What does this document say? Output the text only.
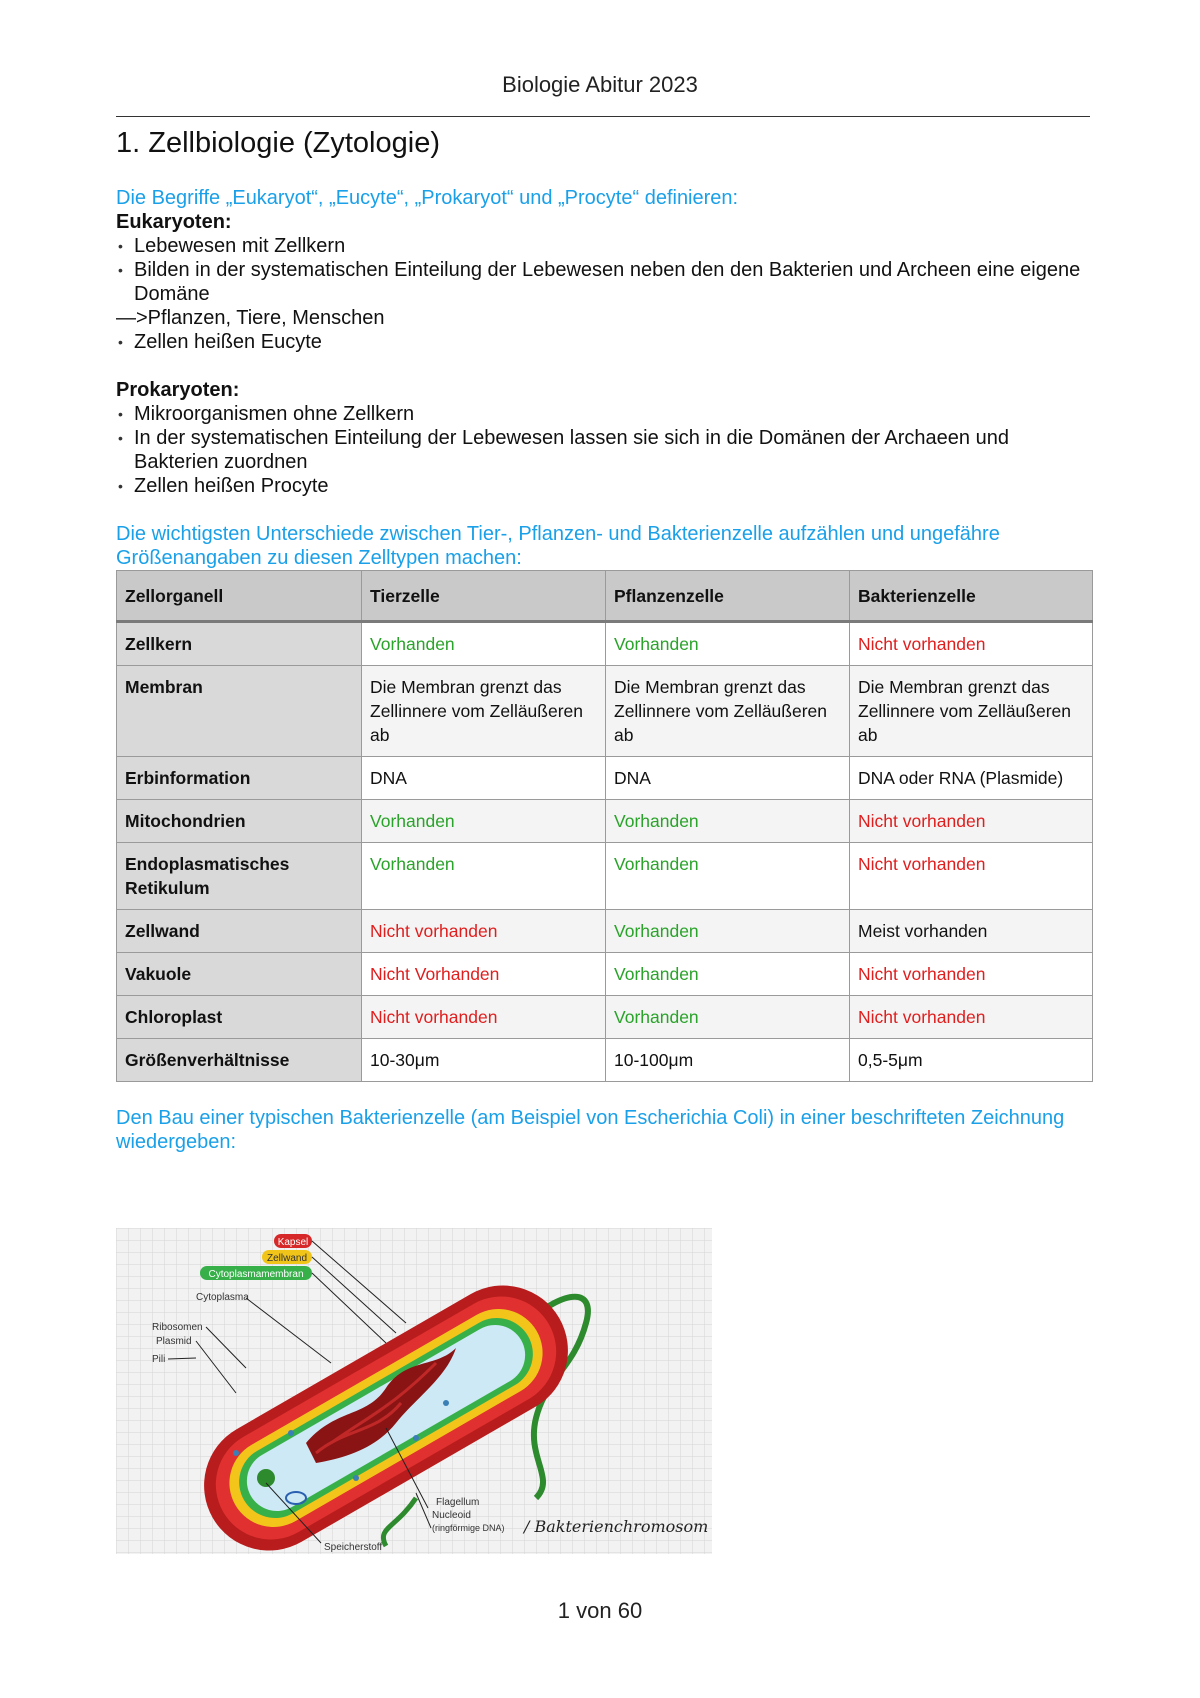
Biologie Abitur 2023
1. Zellbiologie (Zytologie)
Die Begriffe „Eukaryot“, „Eucyte“, „Prokaryot“ und „Procyte“ definieren:
Eukaryoten:
• Lebewesen mit Zellkern
• Bilden in der systematischen Einteilung der Lebewesen neben den den Bakterien und Archeen eine eigene Domäne
—>Pflanzen, Tiere, Menschen
• Zellen heißen Eucyte
Prokaryoten:
• Mikroorganismen ohne Zellkern
• In der systematischen Einteilung der Lebewesen lassen sie sich in die Domänen der Archaeen und Bakterien zuordnen
• Zellen heißen Procyte
Die wichtigsten Unterschiede zwischen Tier-, Pflanzen- und Bakterienzelle aufzählen und ungefähre Größenangaben zu diesen Zelltypen machen:
Zellorganell	Tierzelle	Pflanzenzelle	Bakterienzelle
Zellkern	Vorhanden	Vorhanden	Nicht vorhanden
Membran	Die Membran grenzt das Zellinnere vom Zelläußeren ab	Die Membran grenzt das Zellinnere vom Zelläußeren ab	Die Membran grenzt das Zellinnere vom Zelläußeren ab
Erbinformation	DNA	DNA	DNA oder RNA (Plasmide)
Mitochondrien	Vorhanden	Vorhanden	Nicht vorhanden
Endoplasmatisches Retikulum	Vorhanden	Vorhanden	Nicht vorhanden
Zellwand	Nicht vorhanden	Vorhanden	Meist vorhanden
Vakuole	Nicht Vorhanden	Vorhanden	Nicht vorhanden
Chloroplast	Nicht vorhanden	Vorhanden	Nicht vorhanden
Größenverhältnisse	10-30μm	10-100μm	0,5-5μm
Den Bau einer typischen Bakterienzelle (am Beispiel von Escherichia Coli) in einer beschrifteten Zeichnung wiedergeben:
Kapsel
Zellwand
Cytoplasmamembran
Cytoplasma
Ribosomen
Plasmid
Pili
Flagellum
Nucleoid
(ringförmige DNA) / Bakterienchromosom
Speicherstoff
1 von 60
